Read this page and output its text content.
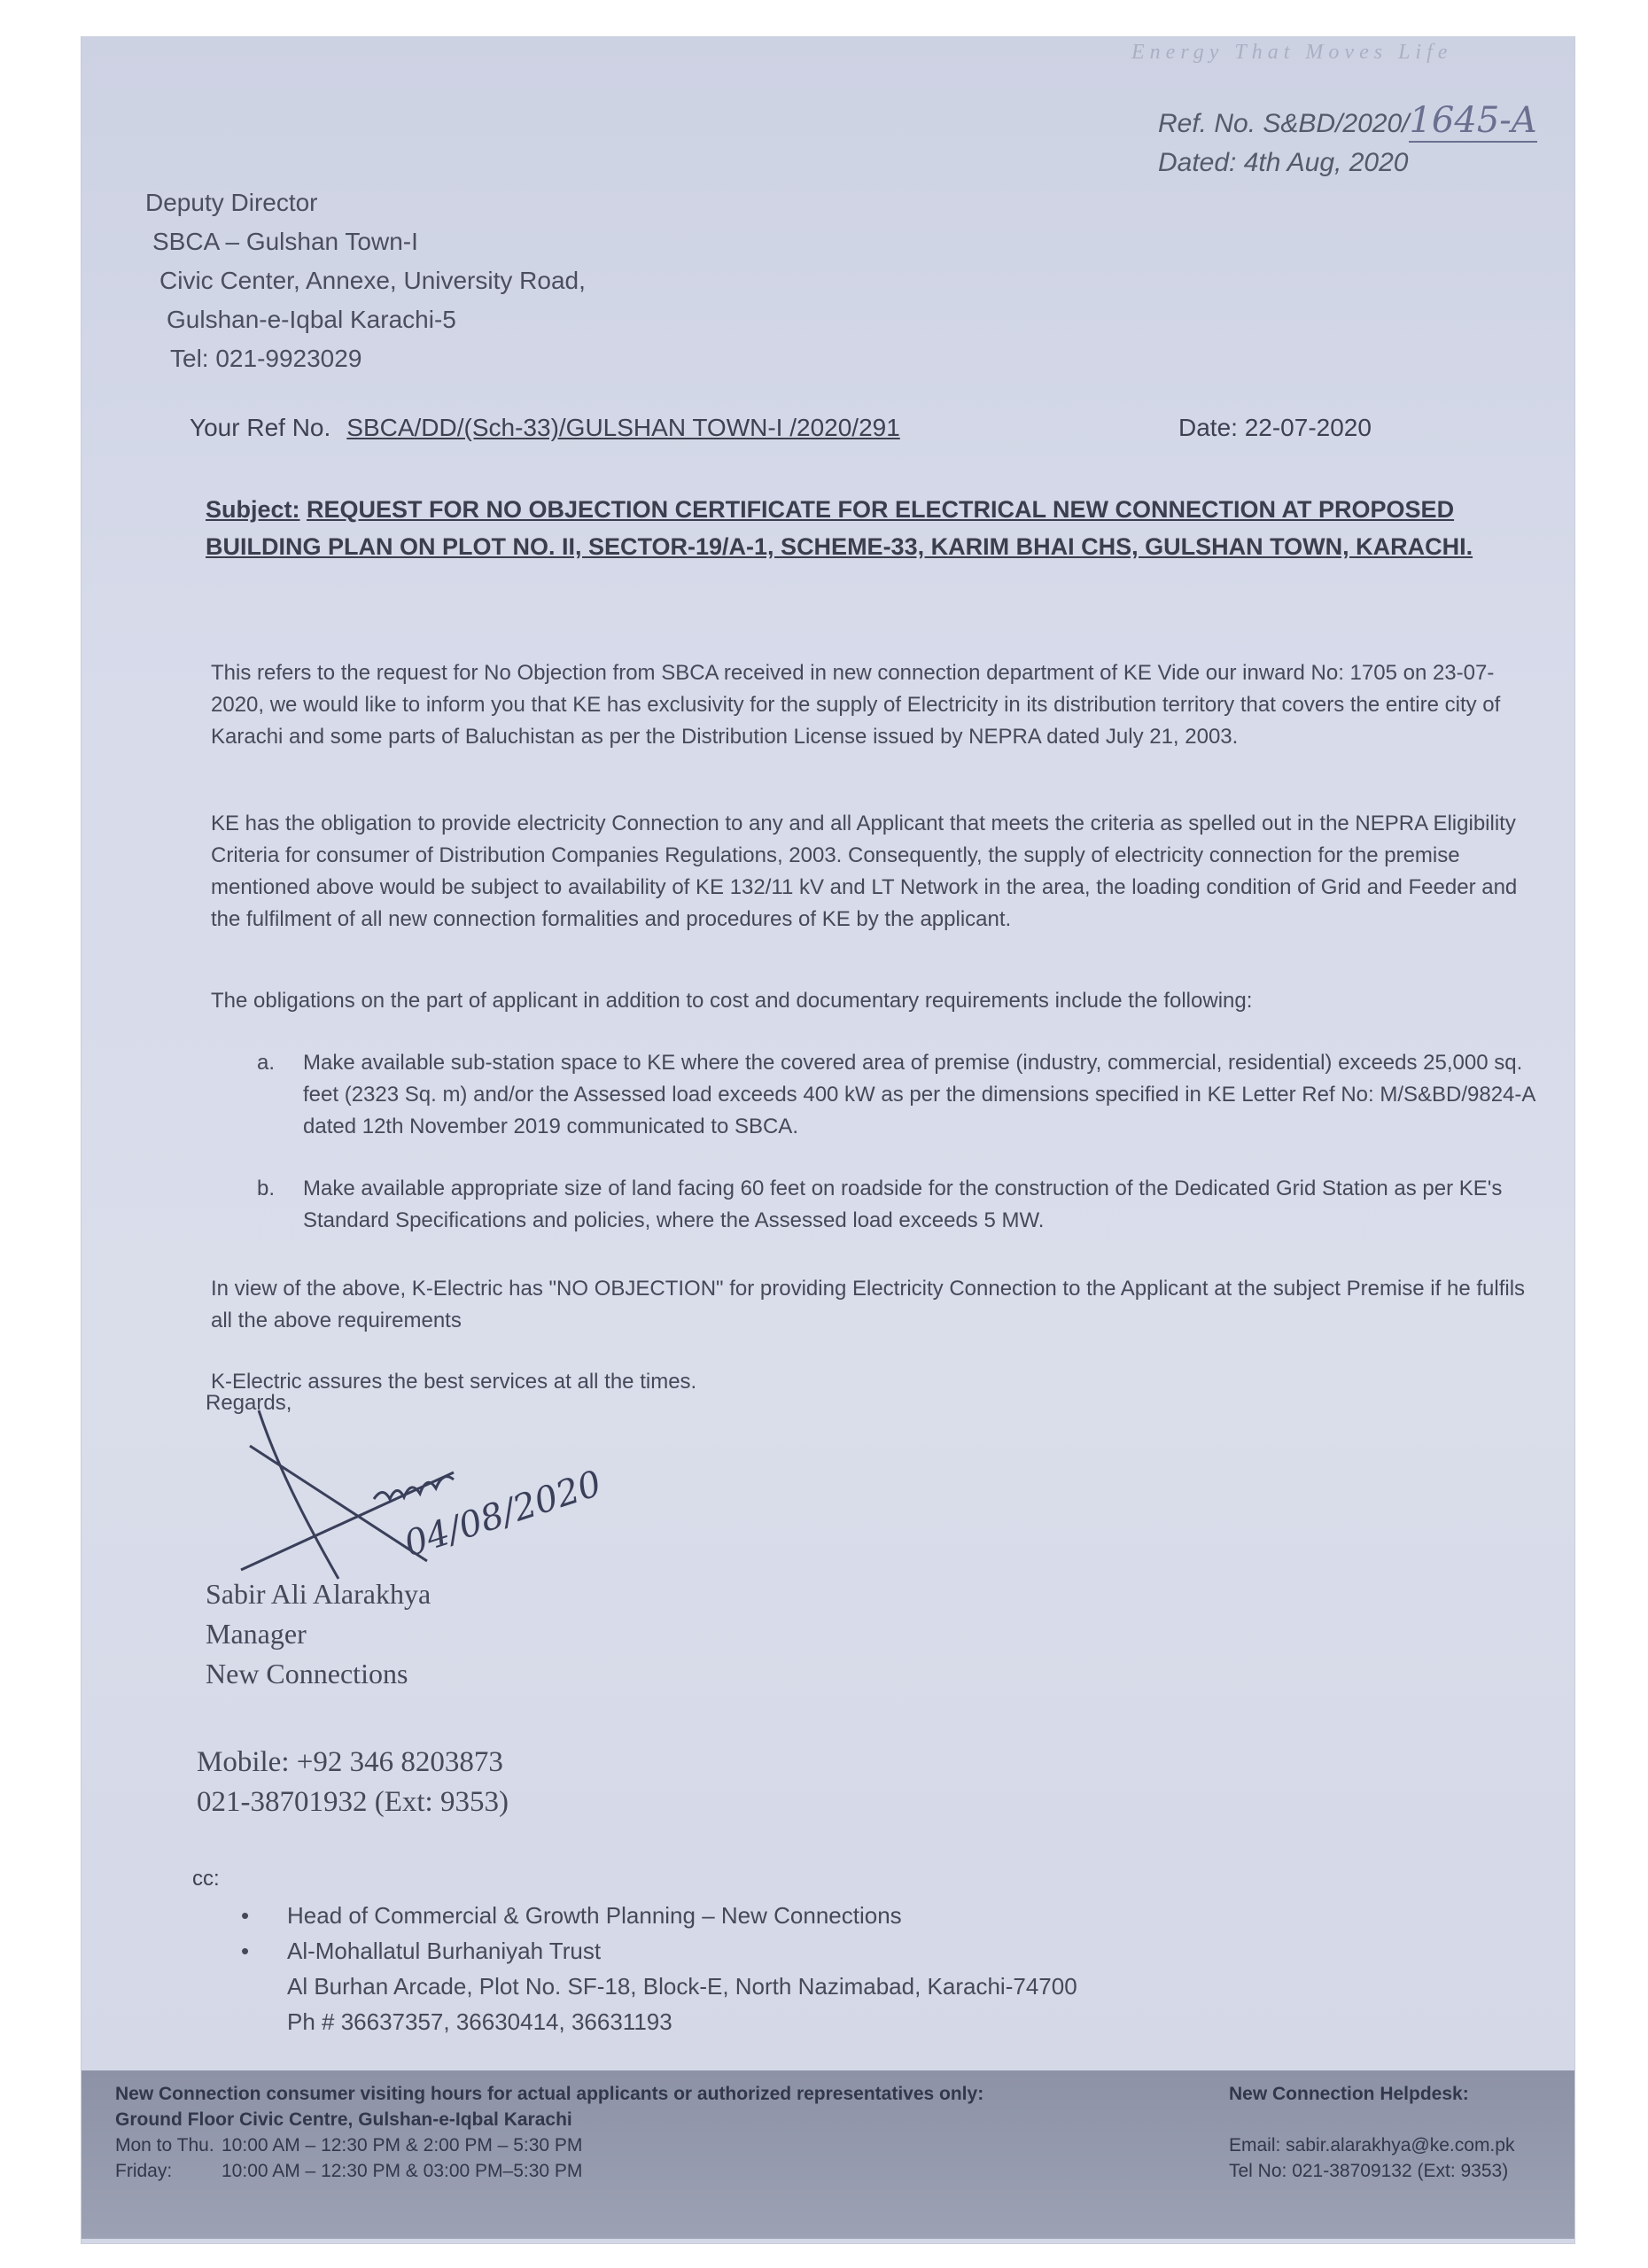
Energy That Moves Life
Ref. No. S&BD/2020/1645-A
Dated: 4th Aug, 2020
Deputy Director
SBCA – Gulshan Town-I
Civic Center, Annexe, University Road,
Gulshan-e-Iqbal Karachi-5
Tel: 021-9923029
Your Ref No. SBCA/DD/(Sch-33)/GULSHAN TOWN-I /2020/291	Date: 22-07-2020
Subject: REQUEST FOR NO OBJECTION CERTIFICATE FOR ELECTRICAL NEW CONNECTION AT PROPOSED BUILDING PLAN ON PLOT NO. II, SECTOR-19/A-1, SCHEME-33, KARIM BHAI CHS, GULSHAN TOWN, KARACHI.
This refers to the request for No Objection from SBCA received in new connection department of KE Vide our inward No: 1705 on 23-07-2020, we would like to inform you that KE has exclusivity for the supply of Electricity in its distribution territory that covers the entire city of Karachi and some parts of Baluchistan as per the Distribution License issued by NEPRA dated July 21, 2003.
KE has the obligation to provide electricity Connection to any and all Applicant that meets the criteria as spelled out in the NEPRA Eligibility Criteria for consumer of Distribution Companies Regulations, 2003. Consequently, the supply of electricity connection for the premise mentioned above would be subject to availability of KE 132/11 kV and LT Network in the area, the loading condition of Grid and Feeder and the fulfilment of all new connection formalities and procedures of KE by the applicant.
The obligations on the part of applicant in addition to cost and documentary requirements include the following:
a. Make available sub-station space to KE where the covered area of premise (industry, commercial, residential) exceeds 25,000 sq. feet (2323 Sq. m) and/or the Assessed load exceeds 400 kW as per the dimensions specified in KE Letter Ref No: M/S&BD/9824-A dated 12th November 2019 communicated to SBCA.
b. Make available appropriate size of land facing 60 feet on roadside for the construction of the Dedicated Grid Station as per KE's Standard Specifications and policies, where the Assessed load exceeds 5 MW.
In view of the above, K-Electric has "NO OBJECTION" for providing Electricity Connection to the Applicant at the subject Premise if he fulfils all the above requirements
K-Electric assures the best services at all the times.
Regards,
04/08/2020
Sabir Ali Alarakhya
Manager
New Connections
Mobile: +92 346 8203873
021-38701932 (Ext: 9353)
cc:
• Head of Commercial & Growth Planning – New Connections
• Al-Mohallatul Burhaniyah Trust
Al Burhan Arcade, Plot No. SF-18, Block-E, North Nazimabad, Karachi-74700
Ph # 36637357, 36630414, 36631193
New Connection consumer visiting hours for actual applicants or authorized representatives only:
Ground Floor Civic Centre, Gulshan-e-Iqbal Karachi
Mon to Thu. 10:00 AM – 12:30 PM & 2:00 PM – 5:30 PM
Friday:	10:00 AM – 12:30 PM & 03:00 PM–5:30 PM
New Connection Helpdesk:
Email: sabir.alarakhya@ke.com.pk
Tel No: 021-38709132 (Ext: 9353)
